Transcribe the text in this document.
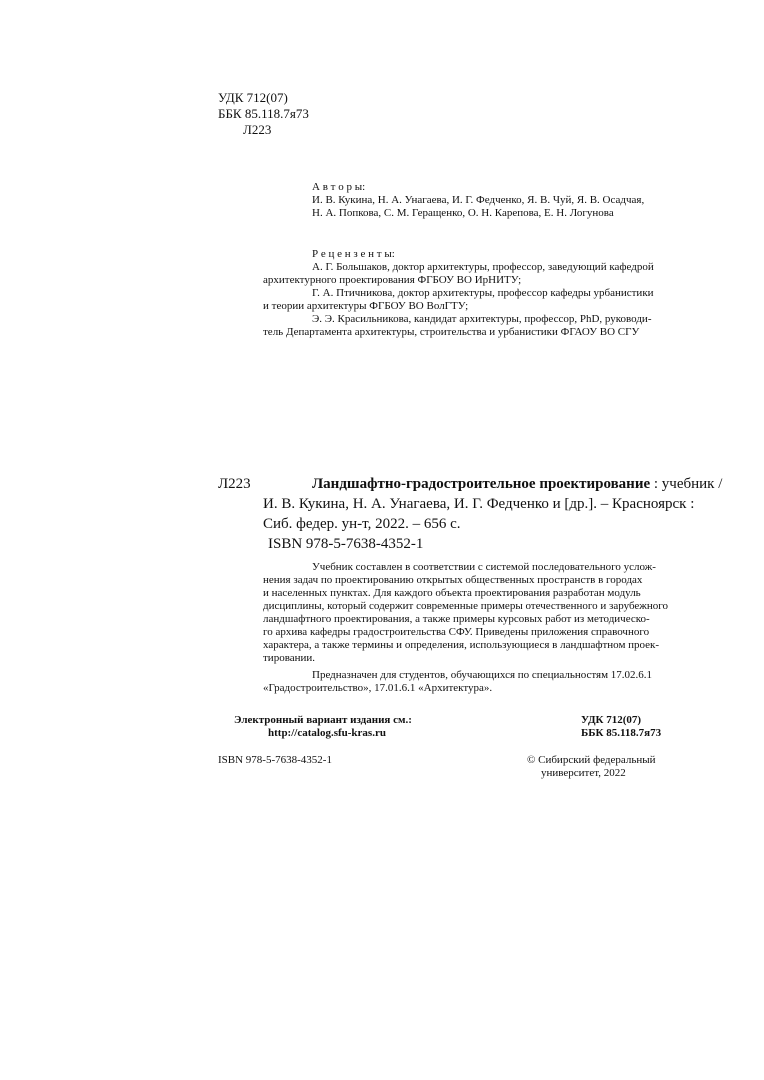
УДК 712(07)
ББК 85.118.7я73
Л223
А в т о р ы:
И. В. Кукина, Н. А. Унагаева, И. Г. Федченко, Я. В. Чуй, Я. В. Осадчая,
Н. А. Попкова, С. М. Геращенко, О. Н. Карепова, Е. Н. Логунова
Р е ц е н з е н т ы:
А. Г. Большаков, доктор архитектуры, профессор, заведующий кафедрой
архитектурного проектирования ФГБОУ ВО ИрНИТУ;
Г. А. Птичникова, доктор архитектуры, профессор кафедры урбанистики
и теории архитектуры ФГБОУ ВО ВолГТУ;
Э. Э. Красильникова, кандидат архитектуры, профессор, PhD, руководи-
тель Департамента архитектуры, строительства и урбанистики ФГАОУ ВО СГУ
Л223	Ландшафтно-градостроительное проектирование : учебник /
И. В. Кукина, Н. А. Унагаева, И. Г. Федченко и [др.]. – Красноярск :
Сиб. федер. ун-т, 2022. – 656 с.
ISBN 978-5-7638-4352-1
Учебник составлен в соответствии с системой последовательного услож-
нения задач по проектированию открытых общественных пространств в городах
и населенных пунктах. Для каждого объекта проектирования разработан модуль
дисциплины, который содержит современные примеры отечественного и зарубежного
ландшафтного проектирования, а также примеры курсовых работ из методическо-
го архива кафедры градостроительства СФУ. Приведены приложения справочного
характера, а также термины и определения, использующиеся в ландшафтном проек-
тировании.
Предназначен для студентов, обучающихся по специальностям 17.02.6.1
«Градостроительство», 17.01.6.1 «Архитектура».
Электронный вариант издания см.:
http://catalog.sfu-kras.ru
УДК 712(07)
ББК 85.118.7я73
ISBN 978-5-7638-4352-1	© Сибирский федеральный
университет, 2022
